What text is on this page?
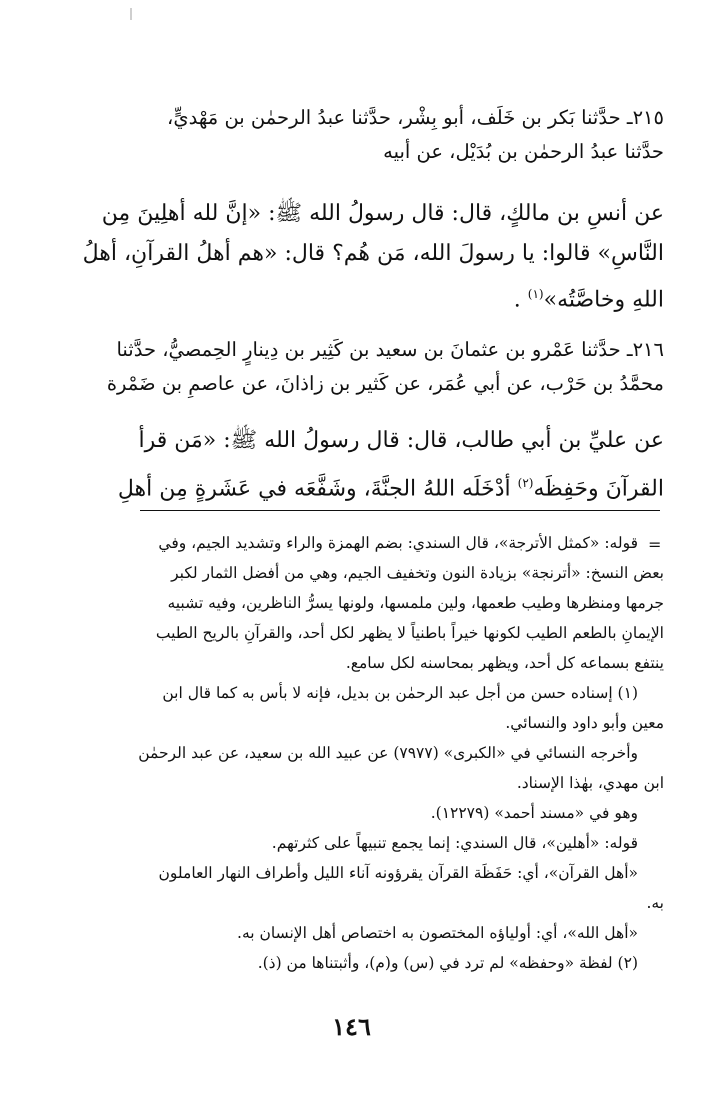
٢١٥ـ حدَّثنا بَكر بن خَلَف، أبو بِشْر، حدَّثنا عبدُ الرحمٰن بن مَهْديٍّ،
حدَّثنا عبدُ الرحمٰن بن بُدَيْل، عن أبيه
عن أنسِ بن مالكٍ، قال: قال رسولُ الله ﷺ: «إنَّ لله أهلِينَ مِن
النَّاسِ» قالوا: يا رسولَ الله، مَن هُم؟ قال: «هم أهلُ القرآنِ، أهلُ
اللهِ وخاصَّتُه»$^{(١)}$ .
٢١٦ـ حدَّثنا عَمْرو بن عثمانَ بن سعيد بن كَثِير بن دِينارٍ الحِمصيُّ، حدَّثنا
محمَّدُ بن حَرْب، عن أبي عُمَر، عن كَثير بن زاذانَ، عن عاصمِ بن ضَمْرة
عن عليِّ بن أبي طالب، قال: قال رسولُ الله ﷺ: «مَن قرأ
القرآنَ وحَفِظَه$^{(٢)}$ أدْخَلَه اللهُ الجنَّةَ، وشَفَّعَه في عَشَرةٍ مِن أهلِ
=
قوله: «كمثل الأترجة»، قال السندي: بضم الهمزة والراء وتشديد الجيم، وفي
بعض النسخ: «أترنجة» بزيادة النون وتخفيف الجيم، وهي من أفضل الثمار لكبر
جرمها ومنظرها وطيب طعمها، ولين ملمسها، ولونها يسرُّ الناظرين، وفيه تشبيه
الإيمانِ بالطعم الطيب لكونها خيراً باطنياً لا يظهر لكل أحد، والقرآنِ بالريح الطيب
ينتفع بسماعه كل أحد، ويظهر بمحاسنه لكل سامع.
(١) إسناده حسن من أجل عبد الرحمٰن بن بديل، فإنه لا بأس به كما قال ابن
معين وأبو داود والنسائي.
وأخرجه النسائي في «الكبرى» (٧٩٧٧) عن عبيد الله بن سعيد، عن عبد الرحمٰن
ابن مهدي، بهٰذا الإسناد.
وهو في «مسند أحمد» (١٢٢٧٩).
قوله: «أهلين»، قال السندي: إنما يجمع تنبيهاً على كثرتهم.
«أهل القرآن»، أي: حَفَظَة القرآن يقرؤونه آناء الليل وأطراف النهار العاملون
به.
«أهل الله»، أي: أولياؤه المختصون به اختصاص أهل الإنسان به.
(٢) لفظة «وحفظه» لم ترد في (س) و(م)، وأثبتناها من (ذ).
١٤٦
